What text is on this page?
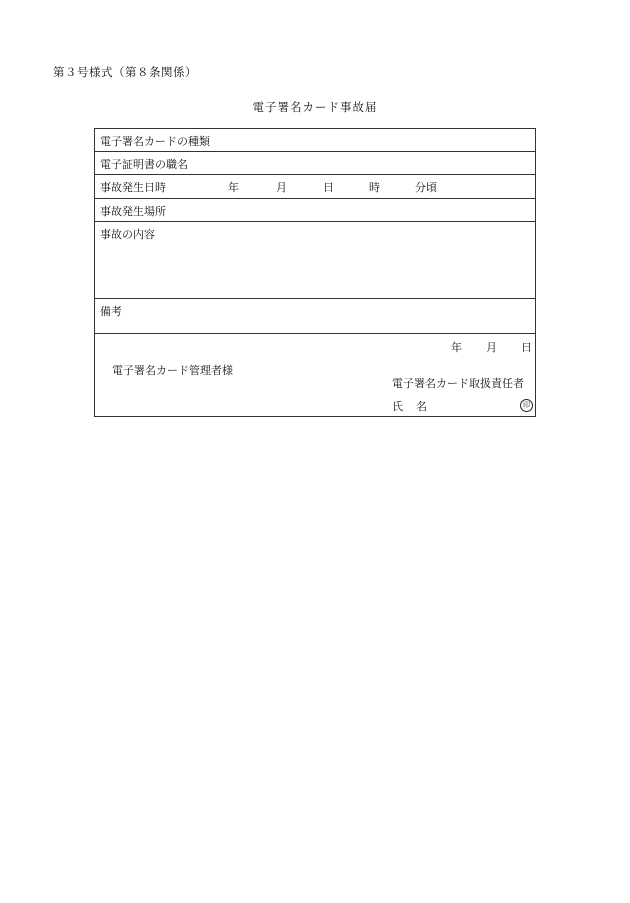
第３号様式（第８条関係）
電子署名カード事故届
電子署名カードの種類
電子証明書の職名
事故発生日時	年	月	日	時	分頃
事故発生場所
事故の内容
備考
年 月 日
電子署名カード管理者様
電子署名カード取扱責任者
氏 名	印
